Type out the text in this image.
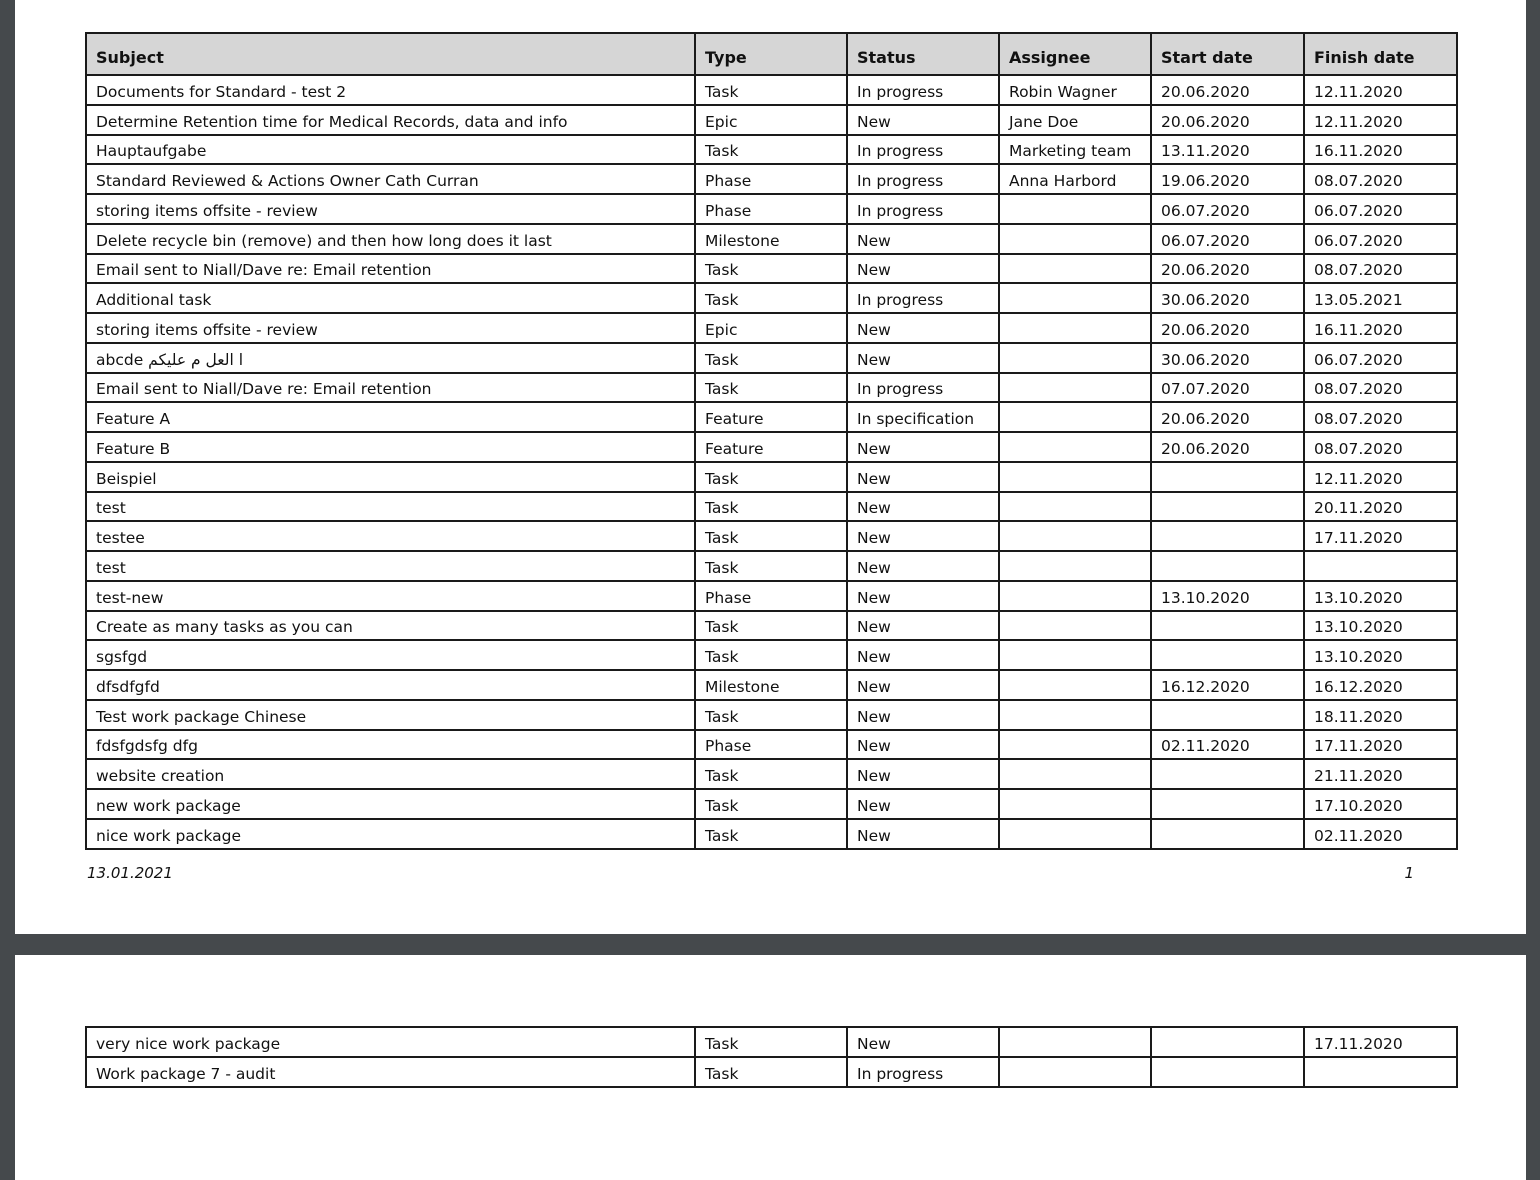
Subject	Type	Status	Assignee	Start date	Finish date
Documents for Standard - test 2	Task	In progress	Robin Wagner	20.06.2020	12.11.2020
Determine Retention time for Medical Records, data and info	Epic	New	Jane Doe	20.06.2020	12.11.2020
Hauptaufgabe	Task	In progress	Marketing team	13.11.2020	16.11.2020
Standard Reviewed & Actions Owner Cath Curran	Phase	In progress	Anna Harbord	19.06.2020	08.07.2020
storing items offsite - review	Phase	In progress		06.07.2020	06.07.2020
Delete recycle bin (remove) and then how long does it last	Milestone	New		06.07.2020	06.07.2020
Email sent to Niall/Dave re: Email retention	Task	New		20.06.2020	08.07.2020
Additional task	Task	In progress		30.06.2020	13.05.2021
storing items offsite - review	Epic	New		20.06.2020	16.11.2020
abcde ا العل م عليكم	Task	New		30.06.2020	06.07.2020
Email sent to Niall/Dave re: Email retention	Task	In progress		07.07.2020	08.07.2020
Feature A	Feature	In specification		20.06.2020	08.07.2020
Feature B	Feature	New		20.06.2020	08.07.2020
Beispiel	Task	New			12.11.2020
test	Task	New			20.11.2020
testee	Task	New			17.11.2020
test	Task	New			
test-new	Phase	New		13.10.2020	13.10.2020
Create as many tasks as you can	Task	New			13.10.2020
sgsfgd	Task	New			13.10.2020
dfsdfgfd	Milestone	New		16.12.2020	16.12.2020
Test work package Chinese	Task	New			18.11.2020
fdsfgdsfg dfg	Phase	New		02.11.2020	17.11.2020
website creation	Task	New			21.11.2020
new work package	Task	New			17.10.2020
nice work package	Task	New			02.11.2020
13.01.2021	1
very nice work package	Task	New			17.11.2020
Work package 7 - audit	Task	In progress			
